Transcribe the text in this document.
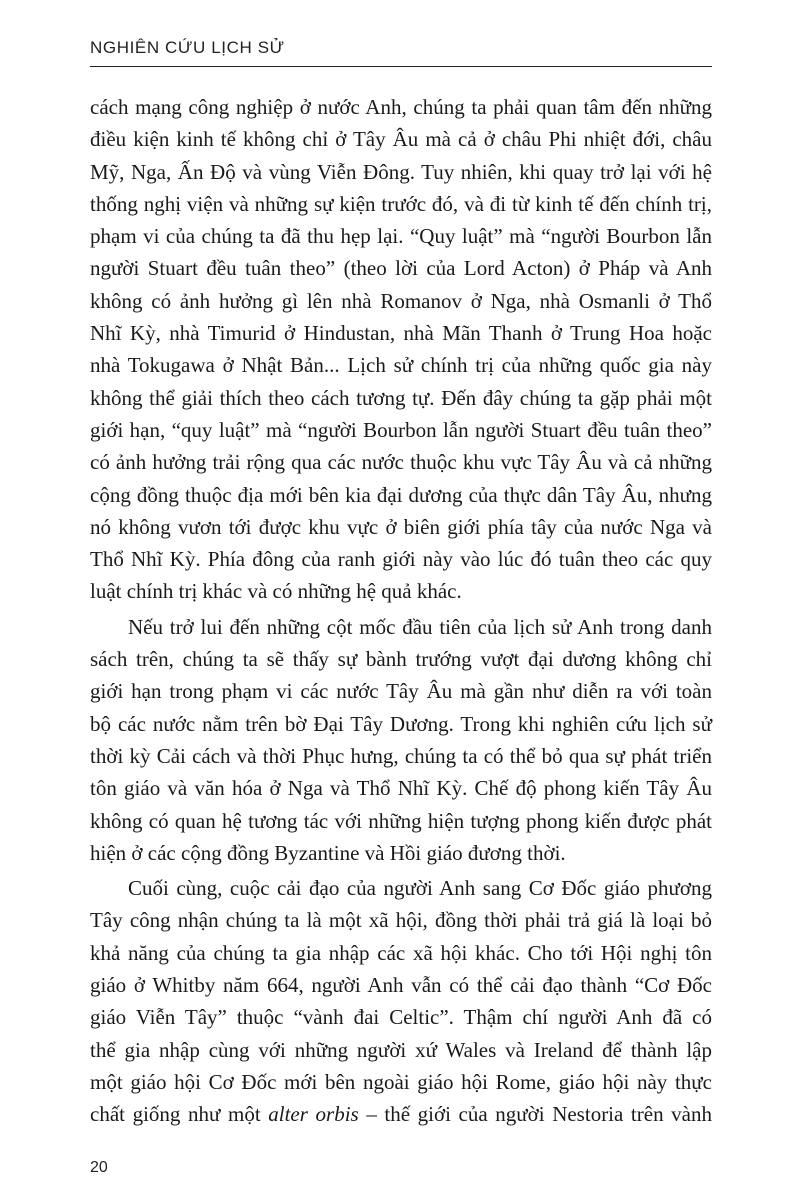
NGHIÊN CỨU LỊCH SỬ
cách mạng công nghiệp ở nước Anh, chúng ta phải quan tâm đến những
điều kiện kinh tế không chỉ ở Tây Âu mà cả ở châu Phi nhiệt đới, châu
Mỹ, Nga, Ấn Độ và vùng Viễn Đông. Tuy nhiên, khi quay trở lại với hệ
thống nghị viện và những sự kiện trước đó, và đi từ kinh tế đến chính trị,
phạm vi của chúng ta đã thu hẹp lại. “Quy luật” mà “người Bourbon lẫn
người Stuart đều tuân theo” (theo lời của Lord Acton) ở Pháp và Anh
không có ảnh hưởng gì lên nhà Romanov ở Nga, nhà Osmanli ở Thổ
Nhĩ Kỳ, nhà Timurid ở Hindustan, nhà Mãn Thanh ở Trung Hoa hoặc
nhà Tokugawa ở Nhật Bản... Lịch sử chính trị của những quốc gia này
không thể giải thích theo cách tương tự. Đến đây chúng ta gặp phải một
giới hạn, “quy luật” mà “người Bourbon lẫn người Stuart đều tuân theo”
có ảnh hưởng trải rộng qua các nước thuộc khu vực Tây Âu và cả những
cộng đồng thuộc địa mới bên kia đại dương của thực dân Tây Âu, nhưng
nó không vươn tới được khu vực ở biên giới phía tây của nước Nga và
Thổ Nhĩ Kỳ. Phía đông của ranh giới này vào lúc đó tuân theo các quy
luật chính trị khác và có những hệ quả khác.
Nếu trở lui đến những cột mốc đầu tiên của lịch sử Anh trong danh
sách trên, chúng ta sẽ thấy sự bành trướng vượt đại dương không chỉ
giới hạn trong phạm vi các nước Tây Âu mà gần như diễn ra với toàn
bộ các nước nằm trên bờ Đại Tây Dương. Trong khi nghiên cứu lịch sử
thời kỳ Cải cách và thời Phục hưng, chúng ta có thể bỏ qua sự phát triển
tôn giáo và văn hóa ở Nga và Thổ Nhĩ Kỳ. Chế độ phong kiến Tây Âu
không có quan hệ tương tác với những hiện tượng phong kiến được phát
hiện ở các cộng đồng Byzantine và Hồi giáo đương thời.
Cuối cùng, cuộc cải đạo của người Anh sang Cơ Đốc giáo phương
Tây công nhận chúng ta là một xã hội, đồng thời phải trả giá là loại bỏ
khả năng của chúng ta gia nhập các xã hội khác. Cho tới Hội nghị tôn
giáo ở Whitby năm 664, người Anh vẫn có thể cải đạo thành “Cơ Đốc
giáo Viễn Tây” thuộc “vành đai Celtic”. Thậm chí người Anh đã có
thể gia nhập cùng với những người xứ Wales và Ireland để thành lập
một giáo hội Cơ Đốc mới bên ngoài giáo hội Rome, giáo hội này thực
chất giống như một alter orbis – thế giới của người Nestoria trên vành
20
